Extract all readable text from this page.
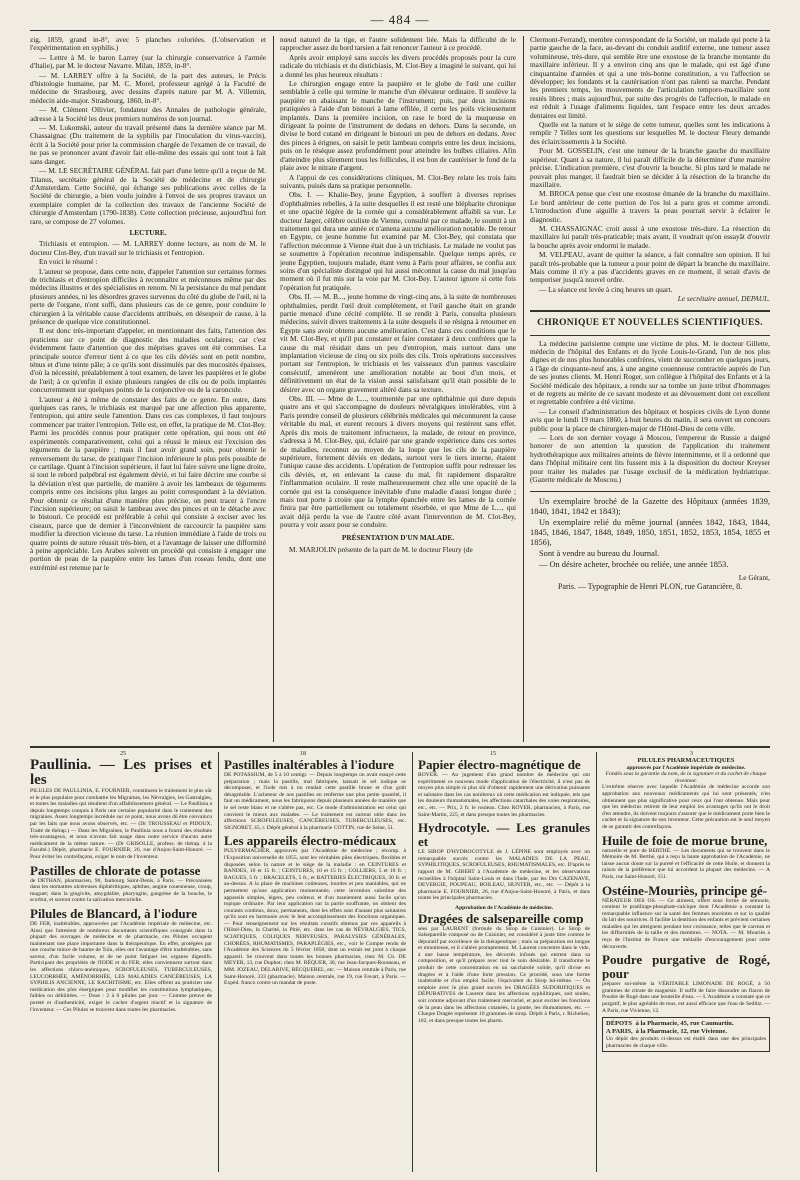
— 484 —

zig, 1859, grand in-8°, avec 5 planches coloriées. (L'observation et l'expérimentation en syphilis.)

— Lettre à M. le baron Larrey (sur la chirurgie conservatrice à l'armée d'Italie), par M. le docteur Navarre. Milan, 1859, in-8°.

— M. LARREY offre à la Société, de la part des auteurs, le Précis d'histologie humaine, par M. C. Morel, professeur agrégé à la Faculté de médecine de Strasbourg, avec dessins d'après nature par M. A. Villemin, médecin aide-major. Strasbourg, 1860, in-8°.

— M. Clément Ollivier, fondateur des Annales de pathologie générale, adresse à la Société les deux premiers numéros de son journal.

— M. Lukomski, auteur du travail présenté dans la dernière séance par M. Chassaignac (Du traitement de la syphilis par l'inoculation du virus-vaccin), écrit à la Société pour prier la commission chargée de l'examen de ce travail, de ne pas se prononcer avant d'avoir fait elle-même des essais qui sont tout à fait sans danger.

— M. LE SECRÉTAIRE GÉNÉRAL fait part d'une lettre qu'il a reçue de M. Tilanus, secrétaire général de la Société de médecine et de chirurgie d'Amsterdam. Cette Société, qui échange ses publications avec celles de la Société de chirurgie, a bien voulu joindre à l'envoi de ses propres travaux un exemplaire complet de la collection des travaux de l'ancienne Société de chirurgie d'Amsterdam (1790-1838). Cette collection précieuse, aujourd'hui fort rare, se compose de 27 volumes.

LECTURE.

Trichiasis et entropion. — M. LARREY donne lecture, au nom de M. le docteur Clot-Bey, d'un travail sur le trichiasis et l'entropion.

En voici le résumé :

L'auteur se propose, dans cette note, d'appeler l'attention sur certaines formes de trichiasis et d'entropion difficiles à reconnaître et méconnues même par des médecins illustres et des spécialistes en renom. Ni la persistance du mal pendant plusieurs années, ni les désordres graves survenus du côté du globe de l'œil, ni la perte de l'organe, n'ont suffi, dans plusieurs cas de ce genre, pour conduire le chirurgien à la véritable cause d'accidents attribués, en désespoir de cause, à la présence de quelque vice constitutionnel.

Il est donc très-important d'appeler, en mentionnant des faits, l'attention des praticiens sur ce point de diagnostic des maladies oculaires; car c'est évidemment faute d'attention que des méprises graves ont été commises. La principale source d'erreur tient à ce que les cils déviés sont en petit nombre, ténus et d'une teinte pâle; à ce qu'ils sont dissimulés par des mucosités épaisses, d'où la nécessité, préalablement à tout examen, de laver les paupières et le globe de l'œil; à ce qu'enfin il existe plusieurs rangées de cils ou de poils implantés concurremment sur quelques points de la conjonctive ou de la caroncule.

L'auteur a été à même de constater des faits de ce genre. En outre, dans quelques cas rares, le trichiasis est marqué par une affection plus apparente, l'entropion, qui attire seule l'attention. Dans ces cas complexes, il faut toujours commencer par traiter l'entropion. Telle est, en effet, la pratique de M. Clot-Bey. Parmi les procédés connus pour pratiquer cette opération, qui nous ont été expérimentés comparativement, celui qui a réussi le mieux est l'excision des téguments de la paupière ; mais il faut avoir grand soin, pour obtenir le renversement du tarse, de pratiquer l'incision inférieure le plus près possible de ce cartilage. Quant à l'incision supérieure, il faut lui faire suivre une ligne droite, si tout le rebord palpébral est également dévié, et lui faire décrire une courbe si la déviation n'est que partielle, de manière à avoir les lambeaux de téguments compris entre ces incisions plus larges au point correspondant à la déviation. Pour obtenir ce résultat d'une manière plus précise, on peut tracer à l'encre l'incision supérieure; on saisit le lambeau avec des pinces et on le détache avec le bistouri. Ce procédé est préférable à celui qui consiste à exciser avec les ciseaux, parce que de dernier à l'inconvénient de raccourcir la paupière sans modifier la direction vicieuse du tarse. La réunion immédiate à l'aide de trois ou quatre points de suture réussit très-bien, et a l'avantage de laisser une difformité à peine appréciable. Les Arabes suivent un procédé qui consiste à engager une portion de peau de la paupière entre les lames d'un roseau fendu, dont une extrémité est retenue par le

nœud naturel de la tige, et l'autre solidement liée. Mais la difficulté de le rapprocher assez du bord tarsien a fait renoncer l'auteur à ce procédé.

Après avoir employé sans succès les divers procédés proposés pour la cure radicale du trichiasis et du distichiasis, M. Clot-Bey a imaginé le suivant, qui lui a donné les plus heureux résultats :

Le chirurgien engage entre la paupière et le globe de l'œil une cuiller semblable à celle qui termine le manche d'un élévateur ordinaire. Il soulève la paupière en abaissant le manche de l'instrument; puis, par deux incisions pratiquées à l'aide d'un bistouri à lame effilée, il cerne les poils vicieusement implantés. Dans la première incision, on rase le bord de la muqueuse en dirigeant la pointe de l'instrument de dedans en dehors. Dans la seconde, on divise le bord cutané en dirigeant le bistouri un peu de dehors en dedans. Avec des pinces à érignes, on saisit le petit lambeau compris entre les deux incisions, puis on le résèque assez profondément pour atteindre les bulbes ciliaires. Afin d'atteindre plus sûrement tous les follicules, il est bon de cautériser le fond de la plaie avec le nitrate d'argent.

A l'appui de ces considérations cliniques, M. Clot-Bey relate les trois faits suivants, puisés dans sa pratique personnelle.

Obs. I. — Khalie-Bey, jeune Égyptien, à souffert à diverses reprises d'ophthalmies rebelles, à la suite desquelles il est resté une blépharite chronique et une opacité légère de la cornée qui a considérablement affaibli sa vue. Le docteur Jæger, célèbre oculiste de Vienne, consulté par ce malade, le soumit à un traitement qui dura une année et n'amena aucune amélioration notable. De retour en Egypte, ce jeune homme fut examiné par M. Clot-Bey, qui constata que l'affection méconnue à Vienne était due à un trichiasis. Le malade ne voulut pas se soumettre à l'opération reconnue indispensable. Quelque temps après, ce jeune Égyptien, toujours malade, étant venu à Paris pour affaires, se confia aux soins d'un spécialiste distingué qui lui aussi méconnut la cause du mal jusqu'au moment où il fut mis sur la voie par M. Clot-Bey. L'auteur ignore si cette fois l'opération fut pratiquée.

Obs. II. — M. B..., jeune homme de vingt-cinq ans, à la suite de nombreuses ophthalmies, perdit l'œil droit complétement, et l'œil gauche était en grande partie menacé d'une cécité complète. Il se rendit à Paris, consulta plusieurs médecins, suivit divers traitements à la suite desquels il se résigna à retourner en Égypte sans avoir obtenu aucune amélioration. C'est dans ces conditions que le vit M. Clot-Bey, et qu'il put constater et faire constater à deux confrères que la cause du mal résidait dans un peu d'entropion, mais surtout dans une implantation vicieuse de cinq ou six poils des cils. Trois opérations successives portant sur l'entropion, le trichiasis et les vaisseaux d'un pannus vasculaire consécutif, amenèrent une amélioration notable au bout d'un mois, et définitivement un état de la vision aussi satisfaisant qu'il était possible de le désirer avec un organe gravement altéré dans sa texture.

Obs. III. — Mme de L..., tourmentée par une ophthalmie qui dure depuis quatre ans et qui s'accompagne de douleurs névralgiques intolérables, vint à Paris prendre conseil de plusieurs célébrités médicales qui méconnurent la cause véritable du mal, et eurent recours à divers moyens qui restèrent sans effet. Après dix mois de traitement infructueux, la malade, de retour en province, s'adressa à M. Clot-Bey, qui, éclairé par une grande expérience dans ces sortes de maladies, reconnut au moyen de la loupe que les cils de la paupière supérieure, fortement déviés en dedans, surtout vers le tiers interne, étaient l'unique cause des accidents. L'opération de l'entropion suffit pour redresser les cils déviés, et, en enlevant la cause du mal, fit rapidement disparaître l'inflammation oculaire. Il reste malheureusement chez elle une opacité de la cornée qui est la conséquence inévitable d'une maladie d'aussi longue durée ; mais tout porte à croire que la lymphe épanchée entre les lames de la cornée finira par être partiellement ou totalement résorbée, et que Mme de L..., qui avait déjà perdu la vue de l'autre côté avant l'intervention de M. Clot-Bey, pourra y voir assez pour se conduire.

PRÉSENTATION D'UN MALADE.

M. MARJOLIN présente de la part de M. le docteur Fleury (de

Clermont-Ferrand), membre correspondant de la Société, un malade qui porte à la partie gauche de la face, au-devant du conduit auditif externe, une tumeur assez volumineuse, très-dure, qui semble être une exostose de la branche montante du maxillaire inférieur. Il y a environ cinq ans que le malade, qui est âgé d'une cinquantaine d'années et qui a une très-bonne constitution, a vu l'affection se développer; les fondants et la cautérisation n'ont pas ralenti sa marche. Pendant les premiers temps, les mouvements de l'articulation temporo-maxillaire sont restés libres ; mais aujourd'hui, par suite des progrès de l'affection, le malade en est réduit à l'usage d'aliments liquides, tant l'espace entre les deux arcades dentaires est limité.

Quelle est la nature et le siége de cette tumeur, quelles sont les indications à remplir ? Telles sont les questions sur lesquelles M. le docteur Fleury demande des éclaircissements à la Société.

Pour M. GOSSELIN, c'est une tumeur de la branche gauche du maxillaire supérieur. Quant à sa nature, il lui paraît difficile de la déterminer d'une manière précise. L'indication première, c'est d'ouvrir la bouche. Si plus tard le malade ne pouvait plus manger, il faudrait bien se décider à la résection de la branche du maxillaire.

M. BROCA pense que c'est une exostose émanée de la branche du maxillaire. Le bord antérieur de cette portion de l'os lui a paru gros et comme arrondi. L'introduction d'une aiguille à travers la peau pourrait servir à éclairer le diagnostic.

M. CHASSAIGNAC croit aussi à une exostose très-dure. La résection du maxillaire lui paraît très-praticable; mais avant, il voudrait qu'on essayât d'ouvrir la bouche après avoir endormi le malade.

M. VELPEAU, avant de quitter la séance, a fait connaître son opinion. Il lui paraît très-probable que la tumeur a pour point de départ la branche du maxillaire. Mais comme il n'y a pas d'accidents graves en ce moment, il serait d'avis de temporiser jusqu'à nouvel ordre.

— La séance est levée à cinq heures un quart.

Le secrétaire annuel, DEPAUL.

CHRONIQUE ET NOUVELLES SCIENTIFIQUES.

La médecine parisienne compte une victime de plus. M. le docteur Gillette, médecin de l'hôpital des Enfants et du lycée Louis-le-Grand, l'un de nos plus dignes et de nos plus honorables confrères, vient de succomber en quelques jours, à l'âge de cinquante-neuf ans, à une angine couenneuse contractée auprès de l'un de ses jeunes clients. M. Henri Roger, son collègue à l'hôpital des Enfants et à la Société médicale des hôpitaux, a rendu sur sa tombe un juste tribut d'hommages et de regrets au mérite de ce savant modeste et au dévouement dont cet excellent et regrettable confrère a été victime.

— Le conseil d'administration des hôpitaux et hospices civils de Lyon donne avis que le lundi 19 mars 1860, à huit heures du matin, il sera ouvert un concours public pour la place de chirurgien-major de l'Hôtel-Dieu de cette ville.

— Lors de son dernier voyage à Moscou, l'empereur de Russie a daigné honorer de son attention la question de l'application du traitement hydrothérapique aux militaires atteints de fièvre intermittente, et il a ordonné que dans l'hôpital militaire cent lits fussent mis à la disposition du docteur Kreyser pour traiter les malades par l'usage exclusif de la médication hydriatrique. (Gazette médicale de Moscou.)

Un exemplaire broché de la Gazette des Hôpitaux (années 1839, 1840, 1841, 1842 et 1843);

Un exemplaire relié du même journal (années 1842, 1843, 1844, 1845, 1846, 1847, 1848, 1849, 1850, 1851, 1852, 1853, 1854, 1855 et 1856),

Sont à vendre au bureau du Journal.

— On désire acheter, brochée ou reliée, une année 1853.

Le Gérant,

Paris. — Typographie de Henri PLON, rue Garancière, 8.

25	18	15	3
Paullinia. — Les prises et les
PILULES DE PAULLINIA, E. FOURNIER, constituent le traitement le plus sûr et le plus populaire pour combattre les Migraines, les Névralgies, les Gastralgies, et toutes les maladies qui résultent d'un affaiblissement général. — Le Paullinia a depuis longtemps conquis à Paris une certaine popularité dans le traitement des migraines. Assez longtemps incrédule sur ce point, nous avons dû être convaincu par les faits que nous avons observés, etc. — (Dr TROUSSEAU et PIDOUX, Traité de thérap.) — Dans les Migraines, le Paullinia nous a fourni des résultats très-avantageux, et nous n'avons fait usage dans notre service d'aucun autre médicament de la même nature. — (Dr GRISOLLE, profess. de thérap. à la Faculté.) Dépôt, pharmacie E. FOURNIER, 26, rue d'Anjou-Saint-Honoré. — Pour éviter les contrefaçons, exiger le nom de l'inventeur.
Pastilles de chlorate de potasse
de DETHAN, pharmacien, 90, faubourg Saint-Denis, à Paris. — Préconisées dans les stomatites ulcéreuses diphtéritiques, aphthes, angine couenneuse, croup, muguet; dans la gingivite, amygdalite, pharyngite, gangrène de la bouche, le scorbut, et surtout contre la salivation mercurielle.
Pilules de Blancard, à l'iodure
DE FER, inaltérables, approuvées par l'Académie impériale de médecine, etc. Ainsi que l'attestent de nombreux documents scientifiques consignés dans la plupart des ouvrages de médecine et de pharmacie, ces Pilules occupent maintenant une place importante dans la thérapeutique. En effet, protégées par une couche mince de baume de Tolu, elles ont l'avantage d'être inaltérables, sans saveur, d'un facile volume, et de ne point fatiguer les organes digestifs. Participant des propriétés de l'IODE et du FER, elles conviennent surtout dans les affections chloro-anémiques, SCROFULEUSES, TUBERCULEUSES, LEUCORRHÉE, AMÉNORRHÉE, LES MALADIES CANCÉREUSES, LA SYPHILIS ANCIENNE, LE RACHITISME, etc. Elles offrent au praticien une médication des plus énergiques pour modifier les constitutions lymphatiques, faibles ou débilitées. — Dose : 2 à 6 pilules par jour. — Comme preuve de pureté et d'authenticité, exiger le cachet d'argent réactif et la signature de l'inventeur. — Ces Pilules se trouvent dans toutes les pharmacies.
Pastilles inaltérables à l'iodure
DE POTASSIUM, de 5 à 10 centigr. — Depuis longtemps on avait essayé cette préparation ; mais la pastille, mal fabriquée, laissait le sel iodique se décomposer, et l'iode mis à nu rendait cette pastille brune et d'un goût désagréable. L'acheteur de nos pastilles en renferme une plus petite quantité, il faut un médicament, nous les fabriquons depuis plusieurs années de manière que le sel reste blanc et ne s'altère pas, etc. Ce mode d'administration est celui qui convient le mieux aux malades. — Le traitement est surtout utile dans les affections SCROFULEUSES, CANCÉREUSES, TUBERCULEUSES, etc. SIGNORET, 45, r. Dépôt général à la pharmacie COTTIN, rue de Seine, 51.
Les appareils électro-médicaux
PULVERMACHER, approuvés par l'Académie de médecine ; récomp. à l'Exposition universelle de 1855, sont les véritables piles électriques, flexibles et disposées selon la nature et le siége de la maladie : en CEINTURES et BANDES, 10 et 15 fr. ; CEINTURES, 10 et 15 fr. ; COLLIERS, 5 et 10 fr. ; BAGUES, 5 fr. ; BRACELETS, 5 fr., et BATTERIES ÉLECTRIQUES, 30 fr. et au-dessus. A la place de machines coûteuses, lourdes et peu maniables, qui ne permettent qu'une application momentanée, cette invention substitue des appareils simples, légers, peu coûteux et d'un maniement aussi facile qu'un topique ordinaire. Par leur application sur la partie souffrante, on obtient des courants continus, doux, permanents, dont les effets sont d'autant plus salutaires qu'ils sont en harmonie avec le lent accomplissement des fonctions organiques. — Pour renseignement sur les résultats curatifs obtenus par ces appareils à l'Hôtel-Dieu, la Charité, la Pitié, etc. dans les cas de NÉVRALGIES, TICS, SCIATIQUES, COLIQUES NERVEUSES, PARALYSIES GÉNÉRALES, CHORÉES, RHUMATISMES, PARAPLÉGIES, etc., voir le Compte rendu de l'Académie des Sciences du 5 février 1858, dont un extrait est joint à chaque appareil. Se trouvent dans toutes les bonnes pharmacies, chez M. Ch. DE MEYER, 13, rue Duphot; chez M. RÉQUER, 30, rue Jean-Jacques-Rousseau, et MM. JOZEAU, DELARIVE, BÉCQUEREL, etc. — Maison centrale à Paris, rue Saint-Honoré, 333 (pharmacie). Maison centrale, rue 19, rue Favart, à Paris. — Expéd. franco contre un mandat de poste.
Papier électro-magnétique de
ROYER. — Au jugement d'un grand nombre de médecins qui ont expérimenté ce nouveau mode d'application de l'électricité, il n'est pas de moyen plus simple ni plus sûr d'obtenir rapidement une dérivation puissante et salutaire dans les cas nombreux où cette médication est indiquée, tels que les douleurs rhumatismales, les affections catarrhales des voies respiratoires, etc., etc. — Prix, 2 fr. le rouleau. Chez ROYER, pharmacien, à Paris, rue Saint-Martin, 225, et dans presque toutes les pharmacies.
Hydrocotyle. — Les granules et
LE SIROP D'HYDROCOTYLE de J. LÉPINE sont employés avec un remarquable succès contre les MALADIES DE LA PEAU, SYPHILITIQUES, SCROFULEUSES, RHUMATISMALES, etc. D'après le rapport de M. GIBERT à l'Académie de médecine, et les observations recueillies à l'hôpital Saint-Louis et dans l'Inde, par les Drs CAZENAVE, DEVERGIE, POUPEAU, BOILEAU, HUNTER, etc., etc. — Dépôt à la pharmacie E. FOURNIER, 26, rue d'Anjou-Saint-Honoré, à Paris, et dans toutes les principales pharmacies.
Approbation de l'Académie de médecine.
Dragées de salsepareille comp
sées par LAURENT (formule du Sirop de Cuisinier). Le Sirop de Salsepareille composé ou de Cuisinier, est considéré à juste titre comme le dépuratif par excellence de la thérapeutique ; mais sa préparation est longue et minutieuse, et il s'altère promptement. M. Laurent concentre dans le vide, à une basse température, les décoctés infusés qui entrent dans sa composition, et qu'il prépare avec tout le soin désirable. Il transforme le produit de cette concentration en un saccharolé solide, qu'il divise en dragées et à l'aide d'une forte pression. Ce procédé, sous une forme inaltérable et d'un emploi facile, l'équivalent du Sirop lui-même. — On emploie avec le plus grand succès les DRAGÉES SUDORIFIQUES et DÉPURATIVES de Laurent dans les affections syphilitiques, soit seules, soit comme adjuvant d'un traitement mercuriel, et pour exciter les fonctions de la peau dans les affections cutanées, la goutte, les rhumatismes, etc. — Chaque Dragée représente 10 grammes de sirop. Dépôt à Paris, r. Richelieu, 102, et dans presque toutes les pharm.
PILULES PHARMACEUTIQUES
approuvés par l'Académie impériale de médecine.
Fondés sous la garantie du nom, de la signature et du cachet de chaque inventeur.
L'extrême réserve avec laquelle l'Académie de médecine accorde son approbation aux nouveaux médicaments qui lui sont présentés, n'en obtiennent que plus significative pour ceux qui l'ont obtenue. Mais pour que les médecins retirent de leur emploi les avantages qu'ils ont le droit d'en attendre, ils doivent toujours s'assurer que le médicament porte bien le cachet et la signature de son inventeur. Cette précaution est le seul moyen de se garantir des contrefaçons.
Huile de foie de morue brune,
naturelle et pure de BERTHÉ. — Les documents qui se trouvent dans le Mémoire de M. Berthé, qui a reçu la haute approbation de l'Académie, ne laisse aucun doute sur la pureté et l'efficacité de cette Huile, et donnent la raison de la préférence que lui accordent la plupart des médecins. — A Paris, rue Saint-Honoré, 151.
Ostéine-Mouriès, principe gé-
NÉRATEUR DES OS. — Ce aliment, offert sous forme de semoule, contient le pratilinge-phosphate-calcique dont l'Académie a constaté la remarquable influence sur la santé des femmes enceintes et sur la qualité du lait des nourrices. Il facilite la dentition des enfants et prévient certaines maladies qui les atteignent pendant leur croissance, telles que le carreau et les difformités de la taille et des membres. — NOTA. — M. Mouriès a reçu de l'Institut de France une médaille d'encouragement pour cette découverte.
Poudre purgative de Rogé, pour
préparer soi-même la VÉRITABLE LIMONADE DE ROGÉ, à 50 grammes de citrate de magnésie. Il suffit de faire dissoudre un flacon de Poudre de Rogé dans une bouteille d'eau. — L'Académie a constaté que ce purgatif, le plus agréable de tous, est aussi efficace que l'eau de Sedlitz. — A Paris, rue Vivienne, 12.
DÉPOTS
A PARIS,
à la Pharmacie, 45, rue Caumartin.
à la Pharmacie, 12, rue Vivienne.
Un dépôt des produits ci-dessus est établi dans une des principales pharmacies de chaque ville.
